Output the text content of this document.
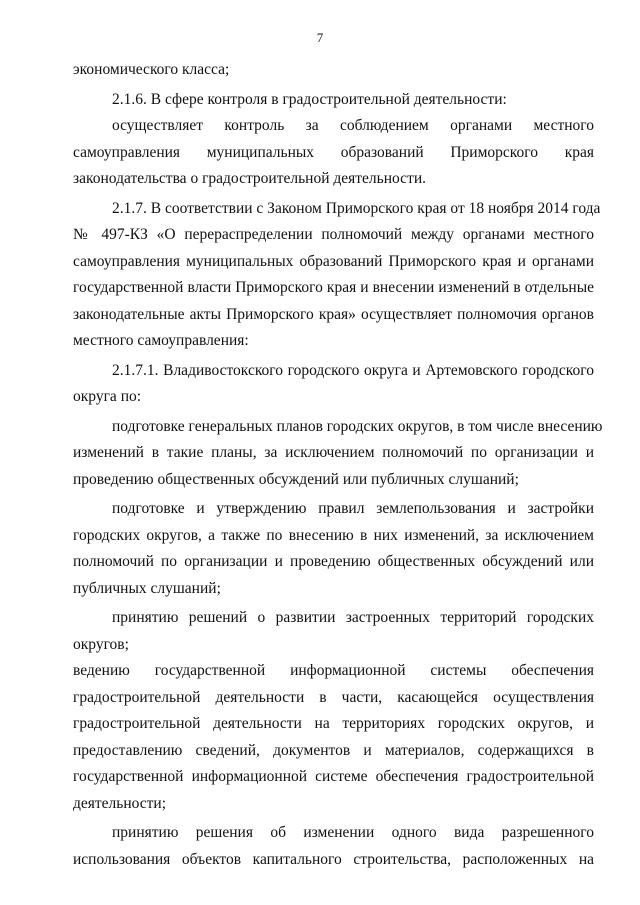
7
экономического класса;
2.1.6. В сфере контроля в градостроительной деятельности:
осуществляет контроль за соблюдением органами местного
самоуправления муниципальных образований Приморского края
законодательства о градостроительной деятельности.
2.1.7. В соответствии с Законом Приморского края от 18 ноября 2014 года
№ 497-КЗ «О перераспределении полномочий между органами местного
самоуправления муниципальных образований Приморского края и органами
государственной власти Приморского края и внесении изменений в отдельные
законодательные акты Приморского края» осуществляет полномочия органов
местного самоуправления:
2.1.7.1. Владивостокского городского округа и Артемовского городского
округа по:
подготовке генеральных планов городских округов, в том числе внесению
изменений в такие планы, за исключением полномочий по организации и
проведению общественных обсуждений или публичных слушаний;
подготовке и утверждению правил землепользования и застройки
городских округов, а также по внесению в них изменений, за исключением
полномочий по организации и проведению общественных обсуждений или
публичных слушаний;
принятию решений о развитии застроенных территорий городских
округов;
ведению государственной информационной системы обеспечения
градостроительной деятельности в части, касающейся осуществления
градостроительной деятельности на территориях городских округов, и
предоставлению сведений, документов и материалов, содержащихся в
государственной информационной системе обеспечения градостроительной
деятельности;
принятию решения об изменении одного вида разрешенного
использования объектов капитального строительства, расположенных на
